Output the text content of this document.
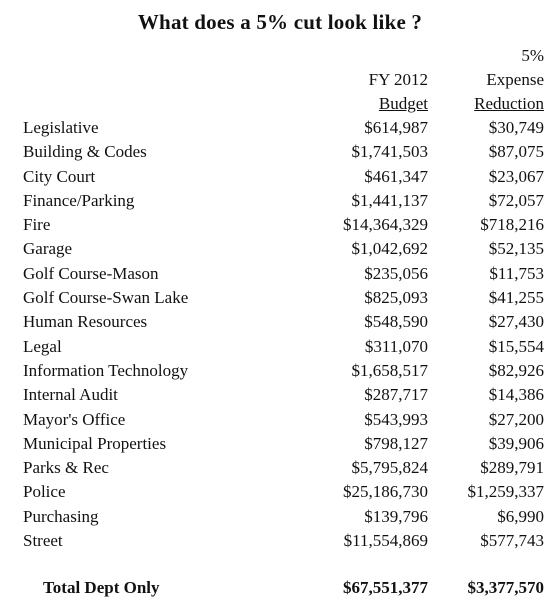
What does a 5% cut look like ?
FY 2012
Budget
5%
Expense
Reduction
Legislative	$614,987	$30,749
Building & Codes	$1,741,503	$87,075
City Court	$461,347	$23,067
Finance/Parking	$1,441,137	$72,057
Fire	$14,364,329	$718,216
Garage	$1,042,692	$52,135
Golf Course-Mason	$235,056	$11,753
Golf Course-Swan Lake	$825,093	$41,255
Human Resources	$548,590	$27,430
Legal	$311,070	$15,554
Information Technology	$1,658,517	$82,926
Internal Audit	$287,717	$14,386
Mayor's Office	$543,993	$27,200
Municipal Properties	$798,127	$39,906
Parks & Rec	$5,795,824	$289,791
Police	$25,186,730 $1,259,337
Purchasing	$139,796	$6,990
Street	$11,554,869	$577,743
Total Dept Only	$67,551,377 $3,377,570
